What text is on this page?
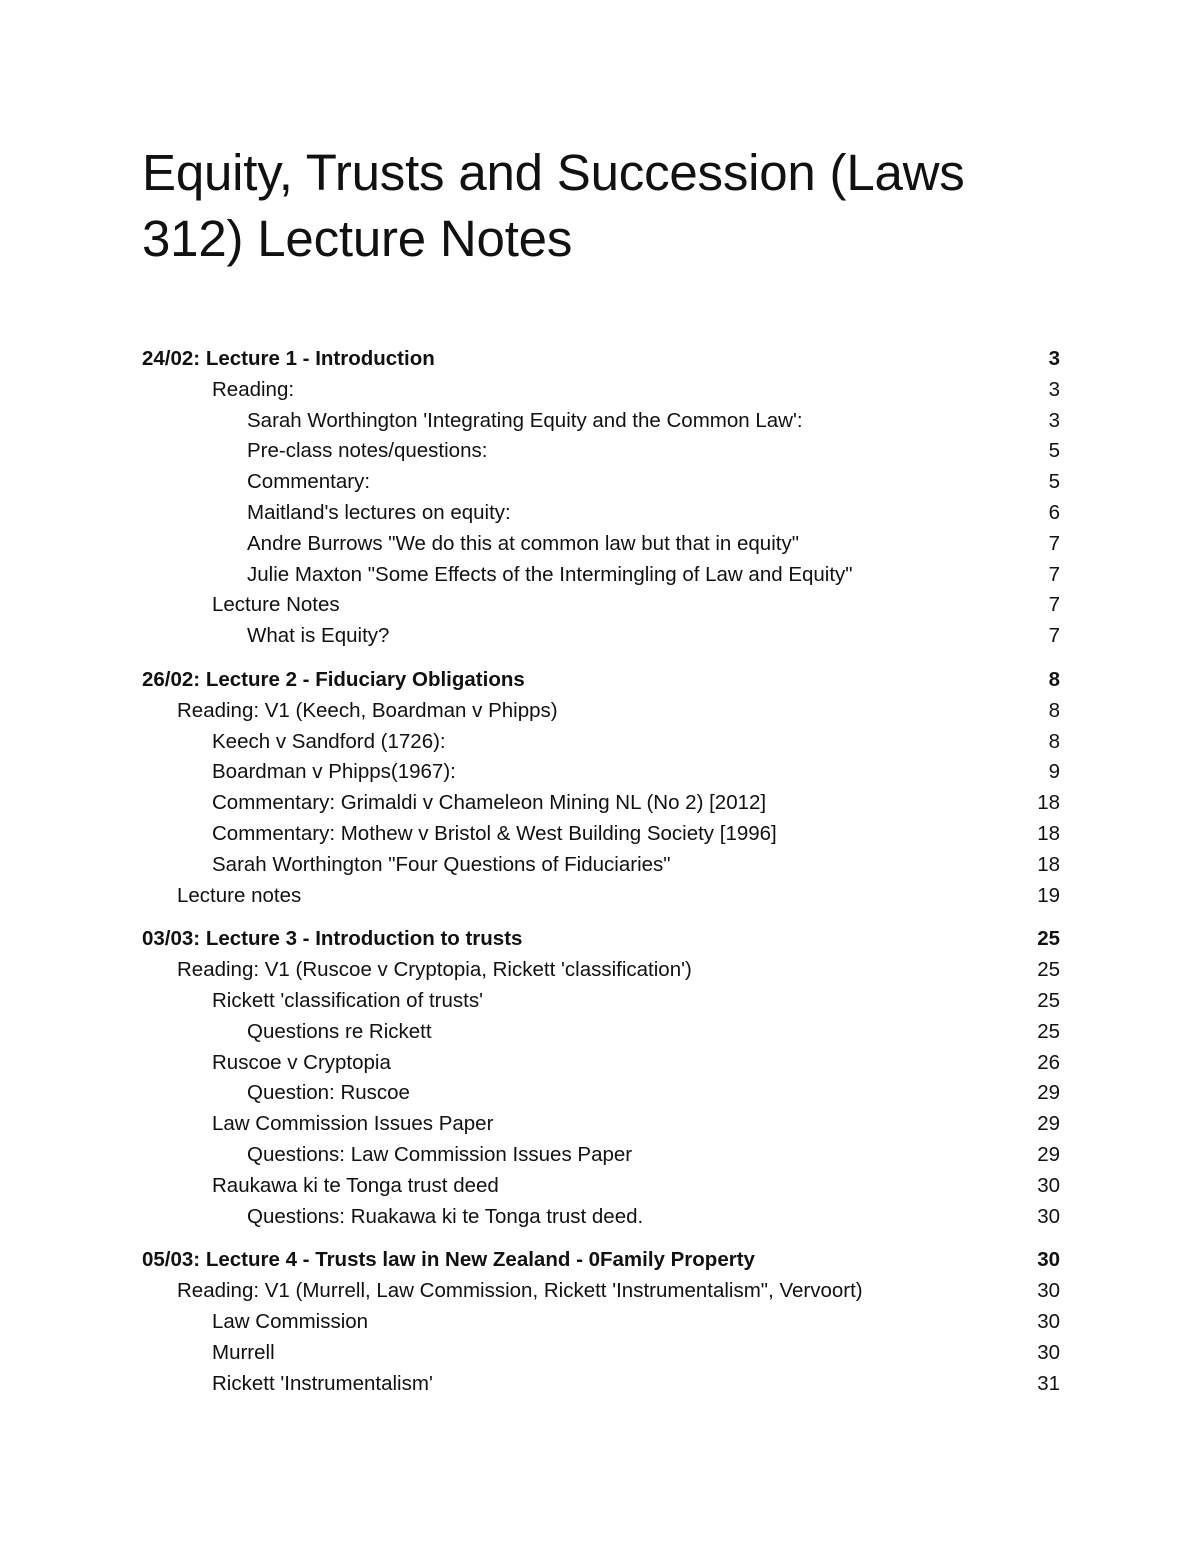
Equity, Trusts and Succession (Laws 312) Lecture Notes
24/02: Lecture 1 - Introduction	3
Reading:	3
Sarah Worthington 'Integrating Equity and the Common Law':	3
Pre-class notes/questions:	5
Commentary:	5
Maitland's lectures on equity:	6
Andre Burrows "We do this at common law but that in equity"	7
Julie Maxton "Some Effects of the Intermingling of Law and Equity"	7
Lecture Notes	7
What is Equity?	7
26/02: Lecture 2 - Fiduciary Obligations	8
Reading: V1 (Keech, Boardman v Phipps)	8
Keech v Sandford (1726):	8
Boardman v Phipps(1967):	9
Commentary: Grimaldi v Chameleon Mining NL (No 2) [2012]	18
Commentary: Mothew v Bristol & West Building Society [1996]	18
Sarah Worthington "Four Questions of Fiduciaries"	18
Lecture notes	19
03/03: Lecture 3 - Introduction to trusts	25
Reading: V1 (Ruscoe v Cryptopia, Rickett 'classification')	25
Rickett 'classification of trusts'	25
Questions re Rickett	25
Ruscoe v Cryptopia	26
Question: Ruscoe	29
Law Commission Issues Paper	29
Questions: Law Commission Issues Paper	29
Raukawa ki te Tonga trust deed	30
Questions: Ruakawa ki te Tonga trust deed.	30
05/03: Lecture 4 - Trusts law in New Zealand - 0Family Property	30
Reading: V1 (Murrell, Law Commission, Rickett 'Instrumentalism", Vervoort)	30
Law Commission	30
Murrell	30
Rickett 'Instrumentalism'	31
